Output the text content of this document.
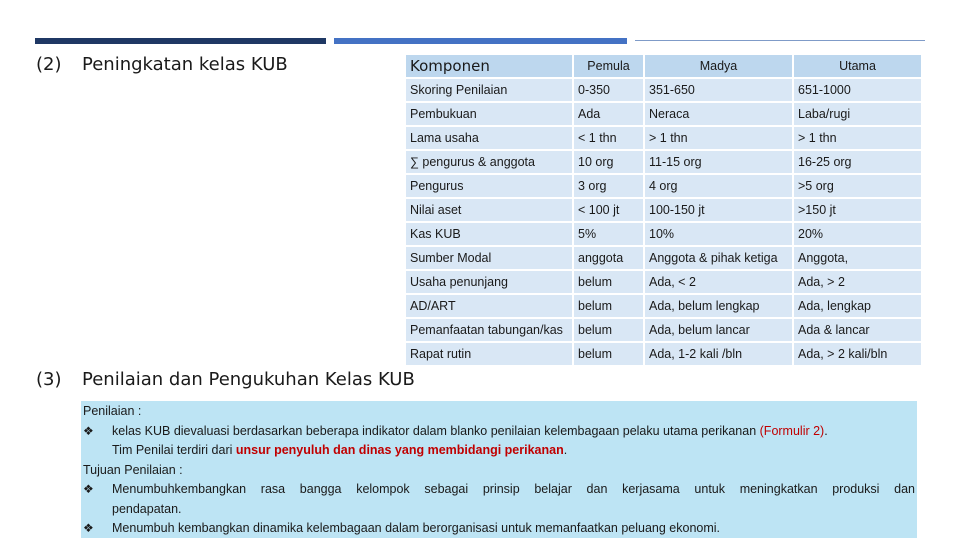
(2) Peningkatan kelas KUB	Komponen	Pemula	Madya	Utama
Skoring Penilaian	0-350	351-650	651-1000
Pembukuan	Ada	Neraca	Laba/rugi
Lama usaha	< 1 thn	> 1 thn	> 1 thn
∑ pengurus & anggota	10 org	11-15 org	16-25 org
Pengurus	3 org	4 org	>5 org
Nilai aset	< 100 jt	100-150 jt	>150 jt
Kas KUB	5%	10%	20%
Sumber Modal	anggota	Anggota & pihak ketiga	Anggota,
Usaha penunjang	belum	Ada, < 2	Ada, > 2
AD/ART	belum	Ada, belum lengkap	Ada, lengkap
Pemanfaatan tabungan/kas	belum	Ada, belum lancar	Ada & lancar
Rapat rutin	belum	Ada, 1-2 kali /bln	Ada, > 2 kali/bln
(3) Penilaian dan Pengukuhan Kelas KUB

Penilaian :

❖	kelas KUB dievaluasi berdasarkan beberapa indikator dalam blanko penilaian kelembagaan pelaku utama perikanan (Formulir 2).
Tim Penilai terdiri dari unsur penyuluh dan dinas yang membidangi perikanan.

Tujuan Penilaian :

❖	Menumbuhkembangkan rasa bangga kelompok sebagai prinsip belajar dan kerjasama untuk meningkatkan produksi dan
pendapatan.
❖	Menumbuh kembangkan dinamika kelembagaan dalam berorganisasi untuk memanfaatkan peluang ekonomi.
